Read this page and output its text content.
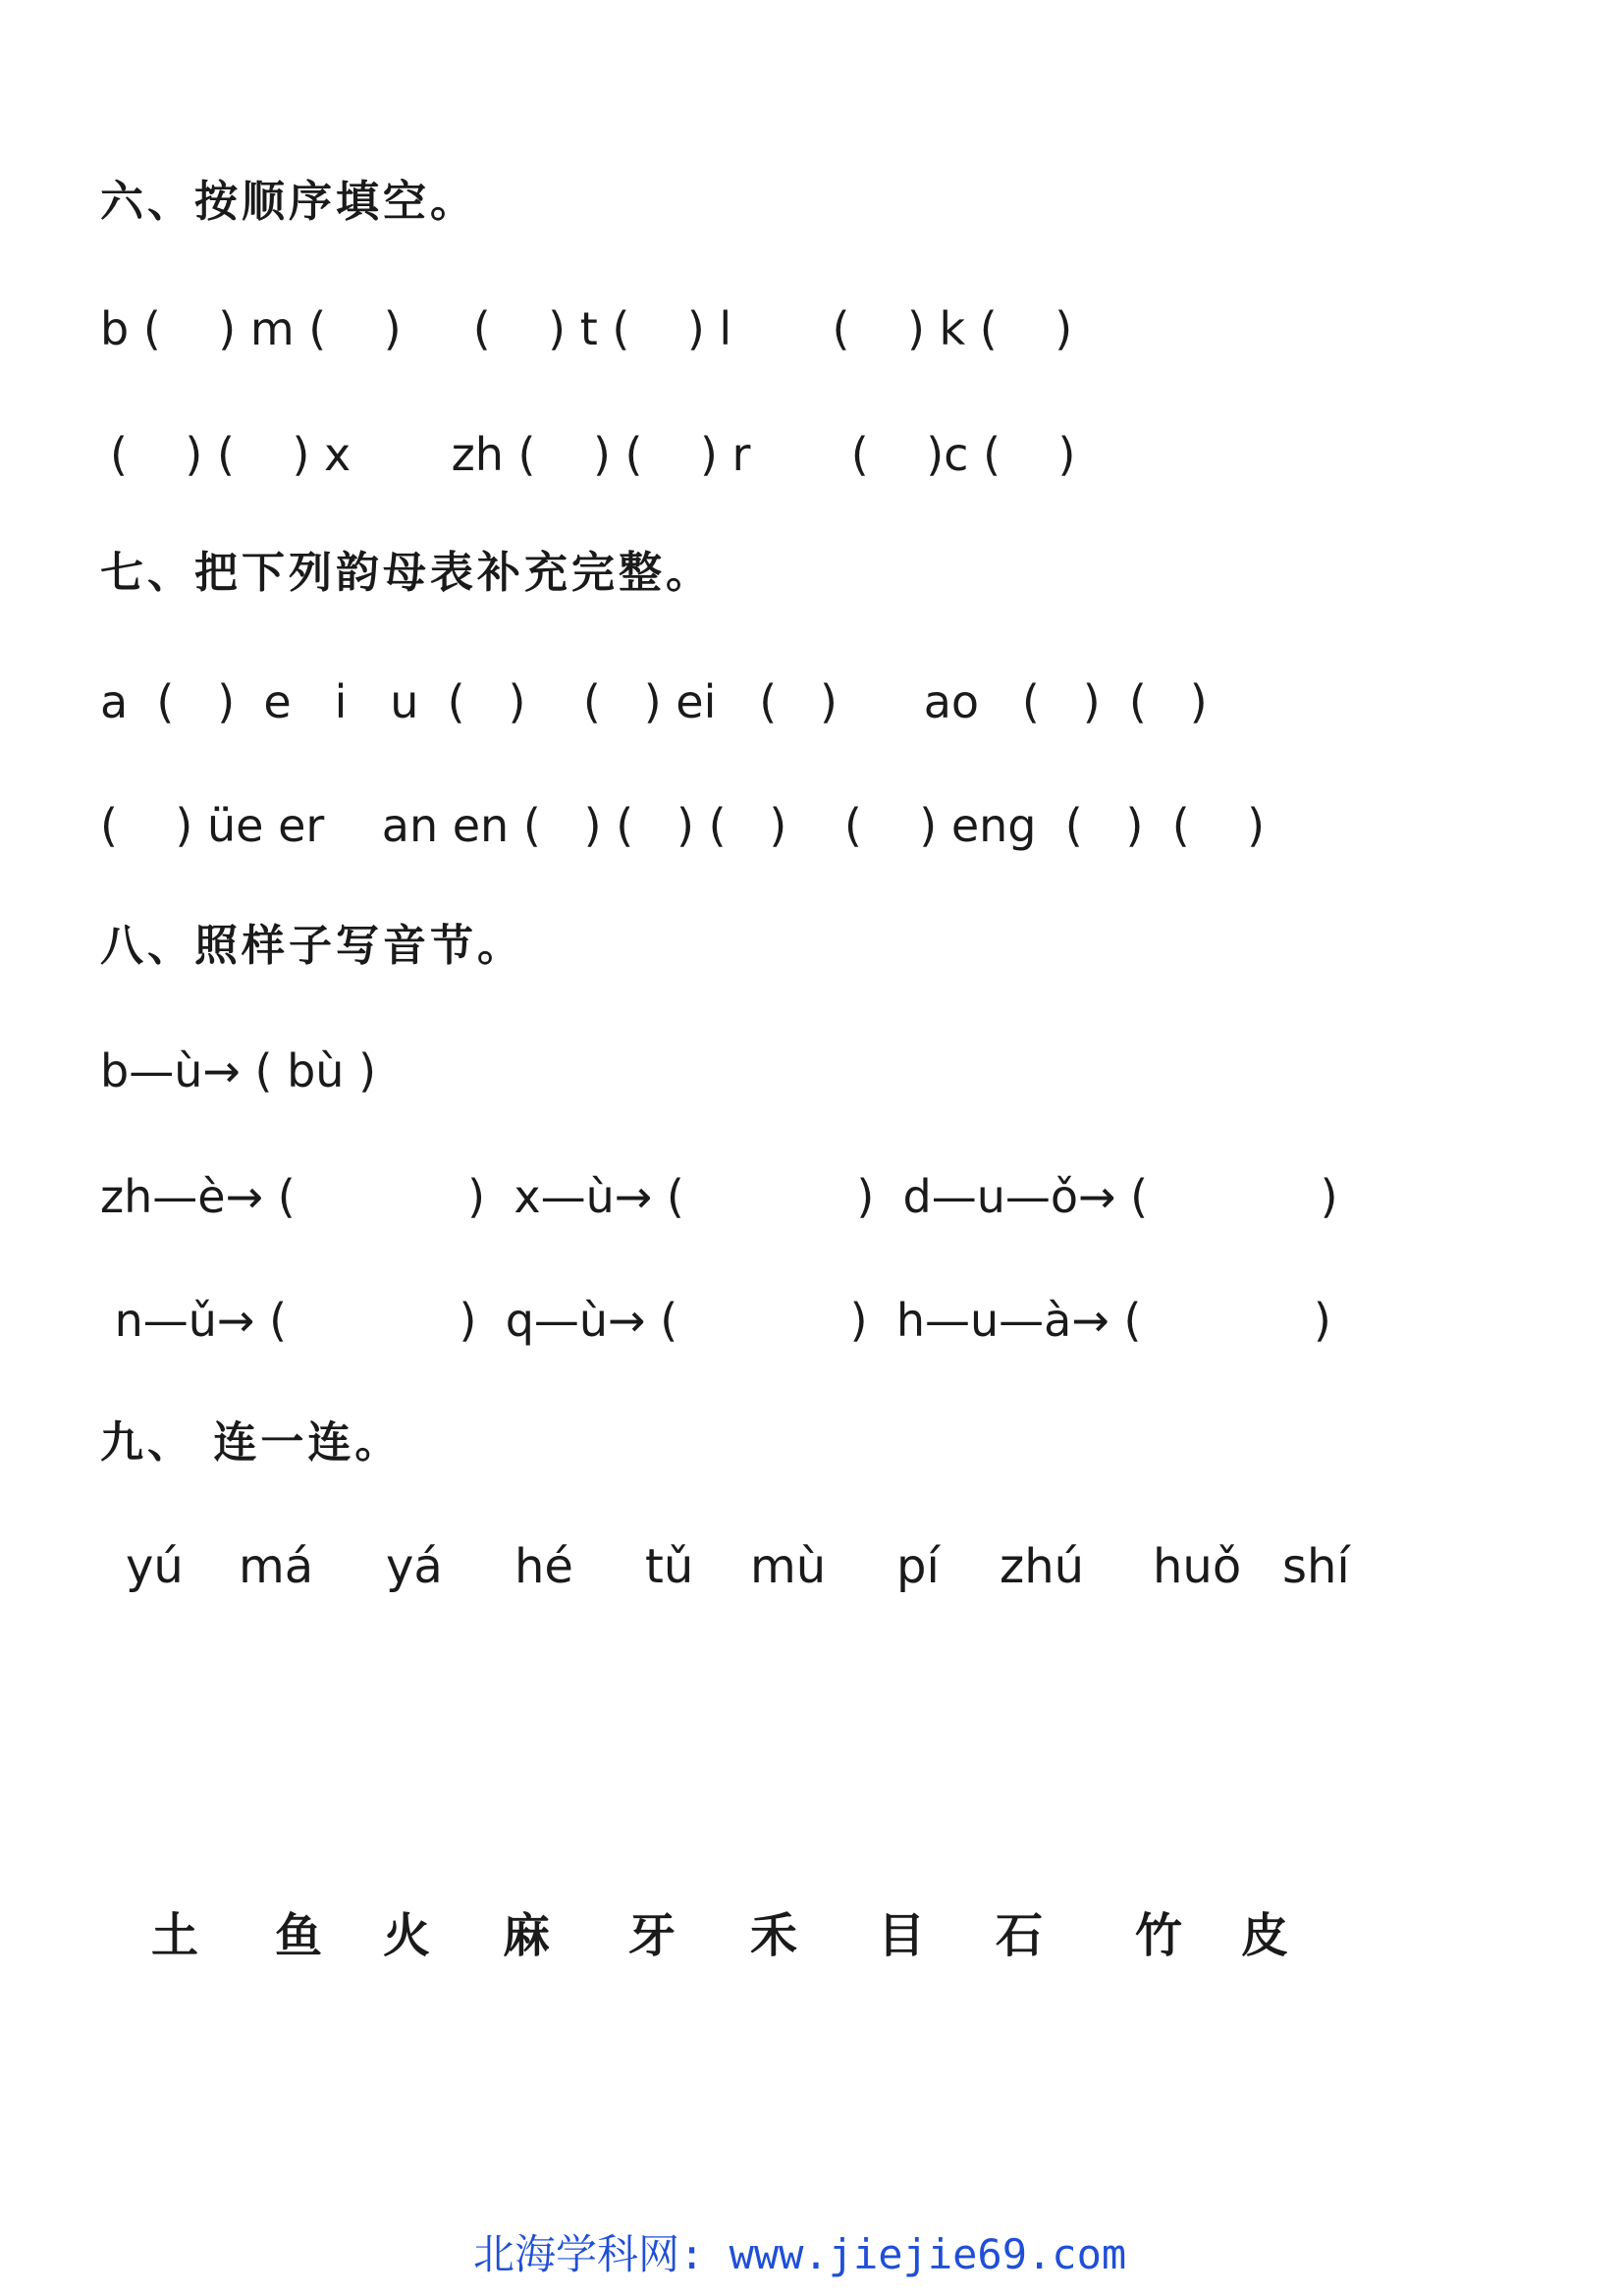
六、按顺序填空。
b (    ) m (    )     (    ) t (    ) l       (    ) k (    )
(    ) (    ) x       zh (    ) (    ) r       (    )c (    )
七、把下列韵母表补充完整。
a  (   )  e   i   u  (   )    (   ) ei   (   )      ao   (   )  (   )
(    ) üe er    an en (   ) (   ) (   )    (    ) eng  (   )  (    )
八、照样子写音节。
b—ù→ ( bù )
zh—è→ (            )  x—ù→ (            )  d—u—ǒ→ (            )
n—ǔ→ (            )  q—ù→ (            )  h—u—à→ (            )
九、 连一连。
yú má yá hé tǔ mù pí zhú huǒ shí
土 鱼 火 麻 牙 禾 目 石 竹 皮
北海学科网: www.jiejie69.com
